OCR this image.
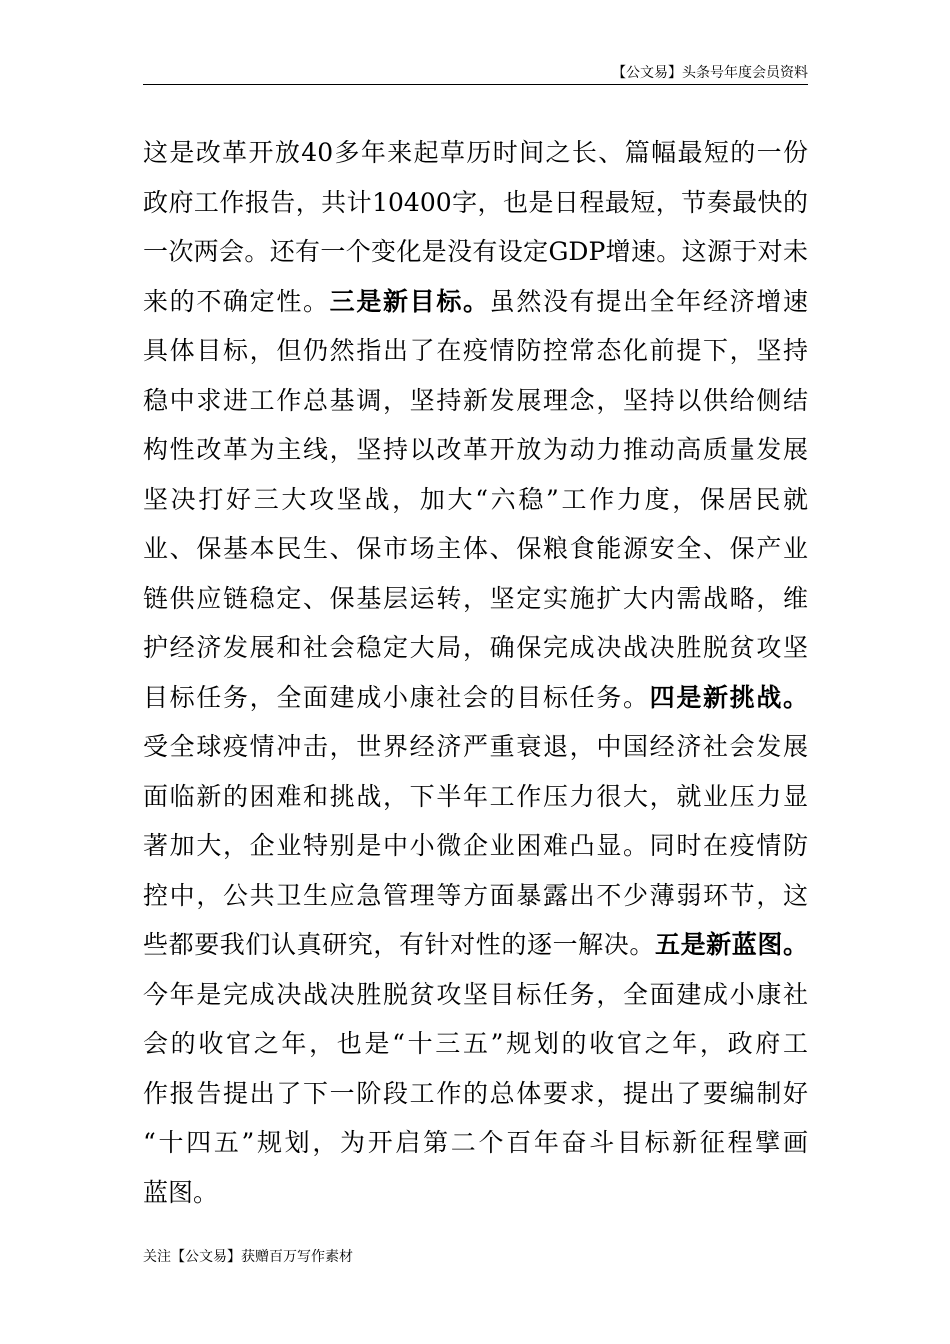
【公文易】头条号年度会员资料
这是改革开放40多年来起草历时间之长、篇幅最短的一份
政府工作报告，共计10400字，也是日程最短，节奏最快的
一次两会。还有一个变化是没有设定GDP增速。这源于对未
来的不确定性。三是新目标。虽然没有提出全年经济增速
具体目标，但仍然指出了在疫情防控常态化前提下，坚持
稳中求进工作总基调，坚持新发展理念，坚持以供给侧结
构性改革为主线，坚持以改革开放为动力推动高质量发展
坚决打好三大攻坚战，加大“六稳”工作力度，保居民就
业、保基本民生、保市场主体、保粮食能源安全、保产业
链供应链稳定、保基层运转，坚定实施扩大内需战略，维
护经济发展和社会稳定大局，确保完成决战决胜脱贫攻坚
目标任务，全面建成小康社会的目标任务。四是新挑战。
受全球疫情冲击，世界经济严重衰退，中国经济社会发展
面临新的困难和挑战，下半年工作压力很大，就业压力显
著加大，企业特别是中小微企业困难凸显。同时在疫情防
控中，公共卫生应急管理等方面暴露出不少薄弱环节，这
些都要我们认真研究，有针对性的逐一解决。五是新蓝图。
今年是完成决战决胜脱贫攻坚目标任务，全面建成小康社
会的收官之年，也是“十三五”规划的收官之年，政府工
作报告提出了下一阶段工作的总体要求，提出了要编制好
“十四五”规划，为开启第二个百年奋斗目标新征程擘画
蓝图。
关注【公文易】获赠百万写作素材
